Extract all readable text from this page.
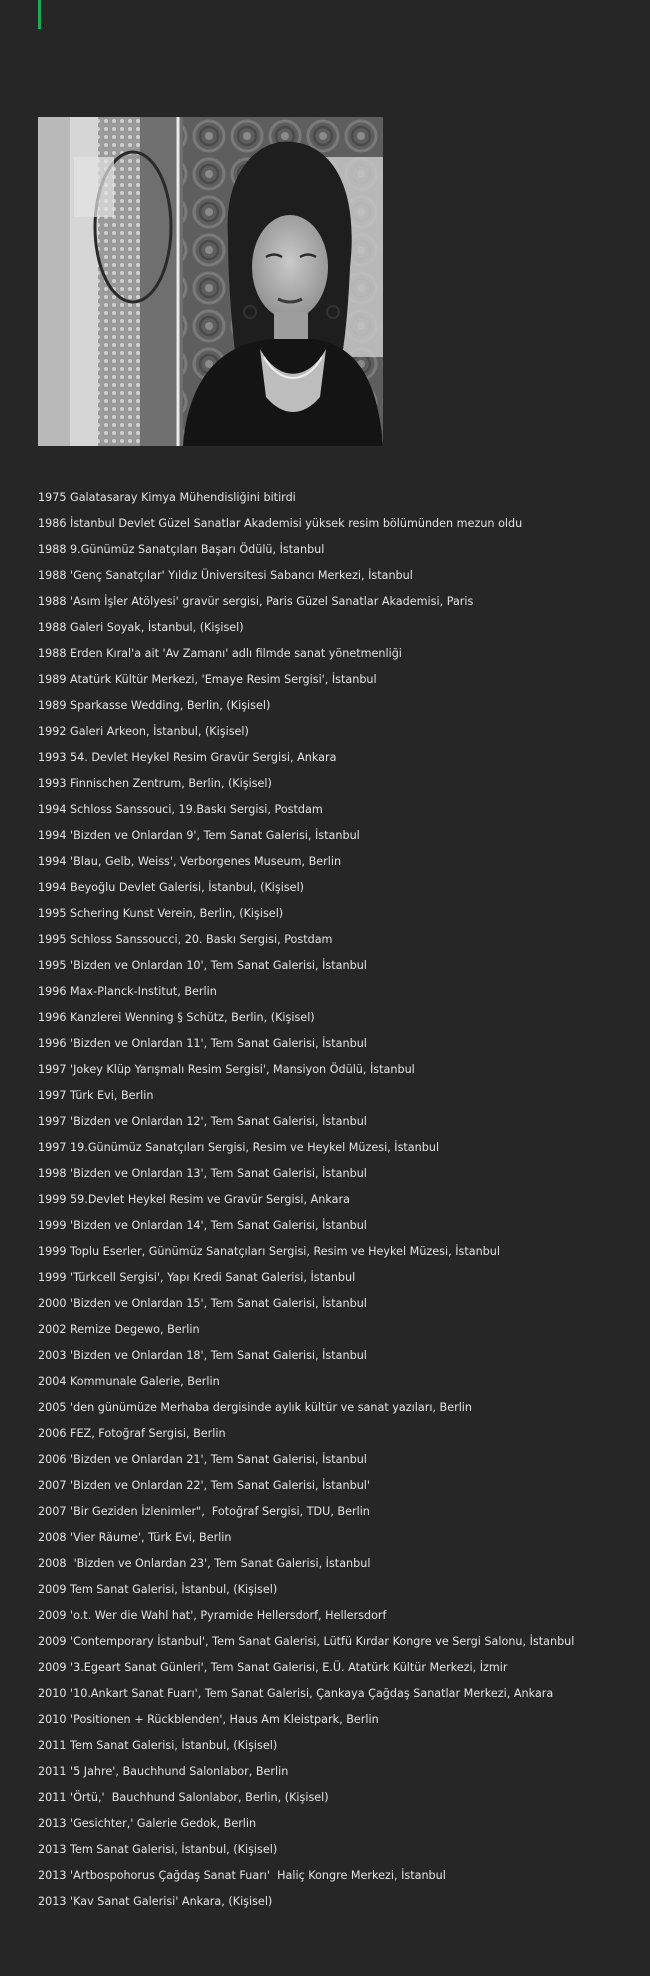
1975 Galatasaray Kimya Mühendisliğini bitirdi
1986 İstanbul Devlet Güzel Sanatlar Akademisi yüksek resim bölümünden mezun oldu
1988 9.Günümüz Sanatçıları Başarı Ödülü, İstanbul
1988 'Genç Sanatçılar' Yıldız Üniversitesi Sabancı Merkezi, İstanbul
1988 'Asım İşler Atölyesi' gravür sergisi, Paris Güzel Sanatlar Akademisi, Paris
1988 Galeri Soyak, İstanbul, (Kişisel)
1988 Erden Kıral'a ait 'Av Zamanı' adlı filmde sanat yönetmenliği
1989 Atatürk Kültür Merkezi, 'Emaye Resim Sergisi', İstanbul
1989 Sparkasse Wedding, Berlin, (Kişisel)
1992 Galeri Arkeon, İstanbul, (Kişisel)
1993 54. Devlet Heykel Resim Gravür Sergisi, Ankara
1993 Finnischen Zentrum, Berlin, (Kişisel)
1994 Schloss Sanssouci, 19.Baskı Sergisi, Postdam
1994 'Bizden ve Onlardan 9', Tem Sanat Galerisi, İstanbul
1994 'Blau, Gelb, Weiss', Verborgenes Museum, Berlin
1994 Beyoğlu Devlet Galerisi, İstanbul, (Kişisel)
1995 Schering Kunst Verein, Berlin, (Kişisel)
1995 Schloss Sanssoucci, 20. Baskı Sergisi, Postdam
1995 'Bizden ve Onlardan 10', Tem Sanat Galerisi, İstanbul
1996 Max-Planck-Institut, Berlin
1996 Kanzlerei Wenning § Schütz, Berlin, (Kişisel)
1996 'Bizden ve Onlardan 11', Tem Sanat Galerisi, İstanbul
1997 'Jokey Klüp Yarışmalı Resim Sergisi', Mansiyon Ödülü, İstanbul
1997 Türk Evi, Berlin
1997 'Bizden ve Onlardan 12', Tem Sanat Galerisi, İstanbul
1997 19.Günümüz Sanatçıları Sergisi, Resim ve Heykel Müzesi, İstanbul
1998 'Bizden ve Onlardan 13', Tem Sanat Galerisi, İstanbul
1999 59.Devlet Heykel Resim ve Gravür Sergisi, Ankara
1999 'Bizden ve Onlardan 14', Tem Sanat Galerisi, İstanbul
1999 Toplu Eserler, Günümüz Sanatçıları Sergisi, Resim ve Heykel Müzesi, İstanbul
1999 'Türkcell Sergisi', Yapı Kredi Sanat Galerisi, İstanbul
2000 'Bizden ve Onlardan 15', Tem Sanat Galerisi, İstanbul
2002 Remize Degewo, Berlin
2003 'Bizden ve Onlardan 18', Tem Sanat Galerisi, İstanbul
2004 Kommunale Galerie, Berlin
2005 'den günümüze Merhaba dergisinde aylık kültür ve sanat yazıları, Berlin
2006 FEZ, Fotoğraf Sergisi, Berlin
2006 'Bizden ve Onlardan 21', Tem Sanat Galerisi, İstanbul
2007 'Bizden ve Onlardan 22', Tem Sanat Galerisi, İstanbul'
2007 'Bir Geziden İzlenimler",  Fotoğraf Sergisi, TDU, Berlin
2008 'Vier Räume', Türk Evi, Berlin
2008  'Bizden ve Onlardan 23', Tem Sanat Galerisi, İstanbul
2009 Tem Sanat Galerisi, İstanbul, (Kişisel)
2009 'o.t. Wer die Wahl hat', Pyramide Hellersdorf, Hellersdorf
2009 'Contemporary İstanbul', Tem Sanat Galerisi, Lütfü Kırdar Kongre ve Sergi Salonu, İstanbul
2009 '3.Egeart Sanat Günleri', Tem Sanat Galerisi, E.Ü. Atatürk Kültür Merkezi, İzmir
2010 '10.Ankart Sanat Fuarı', Tem Sanat Galerisi, Çankaya Çağdaş Sanatlar Merkezi, Ankara
2010 'Positionen + Rückblenden', Haus Am Kleistpark, Berlin
2011 Tem Sanat Galerisi, İstanbul, (Kişisel)
2011 '5 Jahre', Bauchhund Salonlabor, Berlin
2011 'Örtü,'  Bauchhund Salonlabor, Berlin, (Kişisel)
2013 'Gesichter,' Galerie Gedok, Berlin
2013 Tem Sanat Galerisi, İstanbul, (Kişisel)
2013 'Artbospohorus Çağdaş Sanat Fuarı'  Haliç Kongre Merkezi, İstanbul
2013 'Kav Sanat Galerisi' Ankara, (Kişisel)
